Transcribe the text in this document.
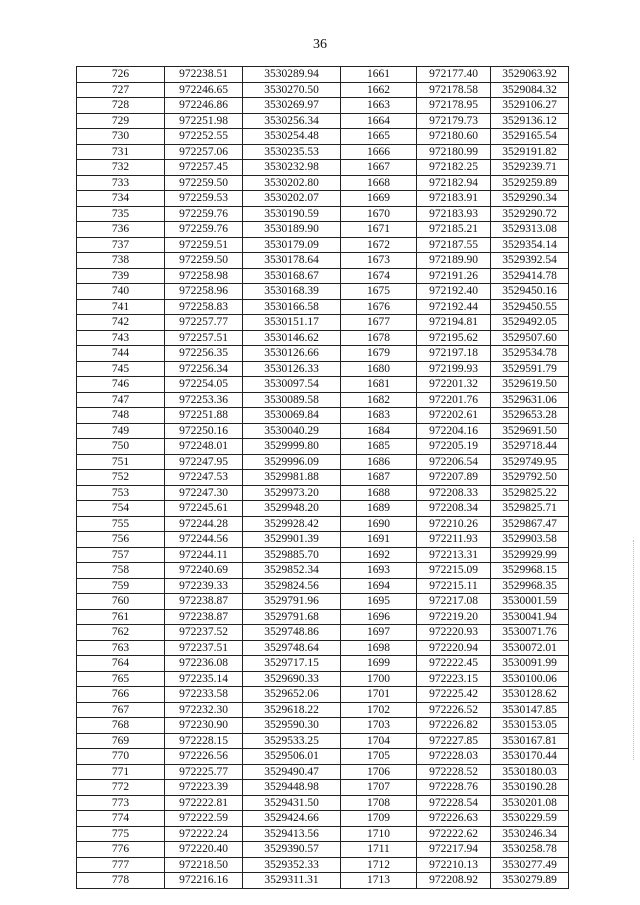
36
726	972238.51	3530289.94	1661	972177.40	3529063.92
727	972246.65	3530270.50	1662	972178.58	3529084.32
728	972246.86	3530269.97	1663	972178.95	3529106.27
729	972251.98	3530256.34	1664	972179.73	3529136.12
730	972252.55	3530254.48	1665	972180.60	3529165.54
731	972257.06	3530235.53	1666	972180.99	3529191.82
732	972257.45	3530232.98	1667	972182.25	3529239.71
733	972259.50	3530202.80	1668	972182.94	3529259.89
734	972259.53	3530202.07	1669	972183.91	3529290.34
735	972259.76	3530190.59	1670	972183.93	3529290.72
736	972259.76	3530189.90	1671	972185.21	3529313.08
737	972259.51	3530179.09	1672	972187.55	3529354.14
738	972259.50	3530178.64	1673	972189.90	3529392.54
739	972258.98	3530168.67	1674	972191.26	3529414.78
740	972258.96	3530168.39	1675	972192.40	3529450.16
741	972258.83	3530166.58	1676	972192.44	3529450.55
742	972257.77	3530151.17	1677	972194.81	3529492.05
743	972257.51	3530146.62	1678	972195.62	3529507.60
744	972256.35	3530126.66	1679	972197.18	3529534.78
745	972256.34	3530126.33	1680	972199.93	3529591.79
746	972254.05	3530097.54	1681	972201.32	3529619.50
747	972253.36	3530089.58	1682	972201.76	3529631.06
748	972251.88	3530069.84	1683	972202.61	3529653.28
749	972250.16	3530040.29	1684	972204.16	3529691.50
750	972248.01	3529999.80	1685	972205.19	3529718.44
751	972247.95	3529996.09	1686	972206.54	3529749.95
752	972247.53	3529981.88	1687	972207.89	3529792.50
753	972247.30	3529973.20	1688	972208.33	3529825.22
754	972245.61	3529948.20	1689	972208.34	3529825.71
755	972244.28	3529928.42	1690	972210.26	3529867.47
756	972244.56	3529901.39	1691	972211.93	3529903.58
757	972244.11	3529885.70	1692	972213.31	3529929.99
758	972240.69	3529852.34	1693	972215.09	3529968.15
759	972239.33	3529824.56	1694	972215.11	3529968.35
760	972238.87	3529791.96	1695	972217.08	3530001.59
761	972238.87	3529791.68	1696	972219.20	3530041.94
762	972237.52	3529748.86	1697	972220.93	3530071.76
763	972237.51	3529748.64	1698	972220.94	3530072.01
764	972236.08	3529717.15	1699	972222.45	3530091.99
765	972235.14	3529690.33	1700	972223.15	3530100.06
766	972233.58	3529652.06	1701	972225.42	3530128.62
767	972232.30	3529618.22	1702	972226.52	3530147.85
768	972230.90	3529590.30	1703	972226.82	3530153.05
769	972228.15	3529533.25	1704	972227.85	3530167.81
770	972226.56	3529506.01	1705	972228.03	3530170.44
771	972225.77	3529490.47	1706	972228.52	3530180.03
772	972223.39	3529448.98	1707	972228.76	3530190.28
773	972222.81	3529431.50	1708	972228.54	3530201.08
774	972222.59	3529424.66	1709	972226.63	3530229.59
775	972222.24	3529413.56	1710	972222.62	3530246.34
776	972220.40	3529390.57	1711	972217.94	3530258.78
777	972218.50	3529352.33	1712	972210.13	3530277.49
778	972216.16	3529311.31	1713	972208.92	3530279.89
